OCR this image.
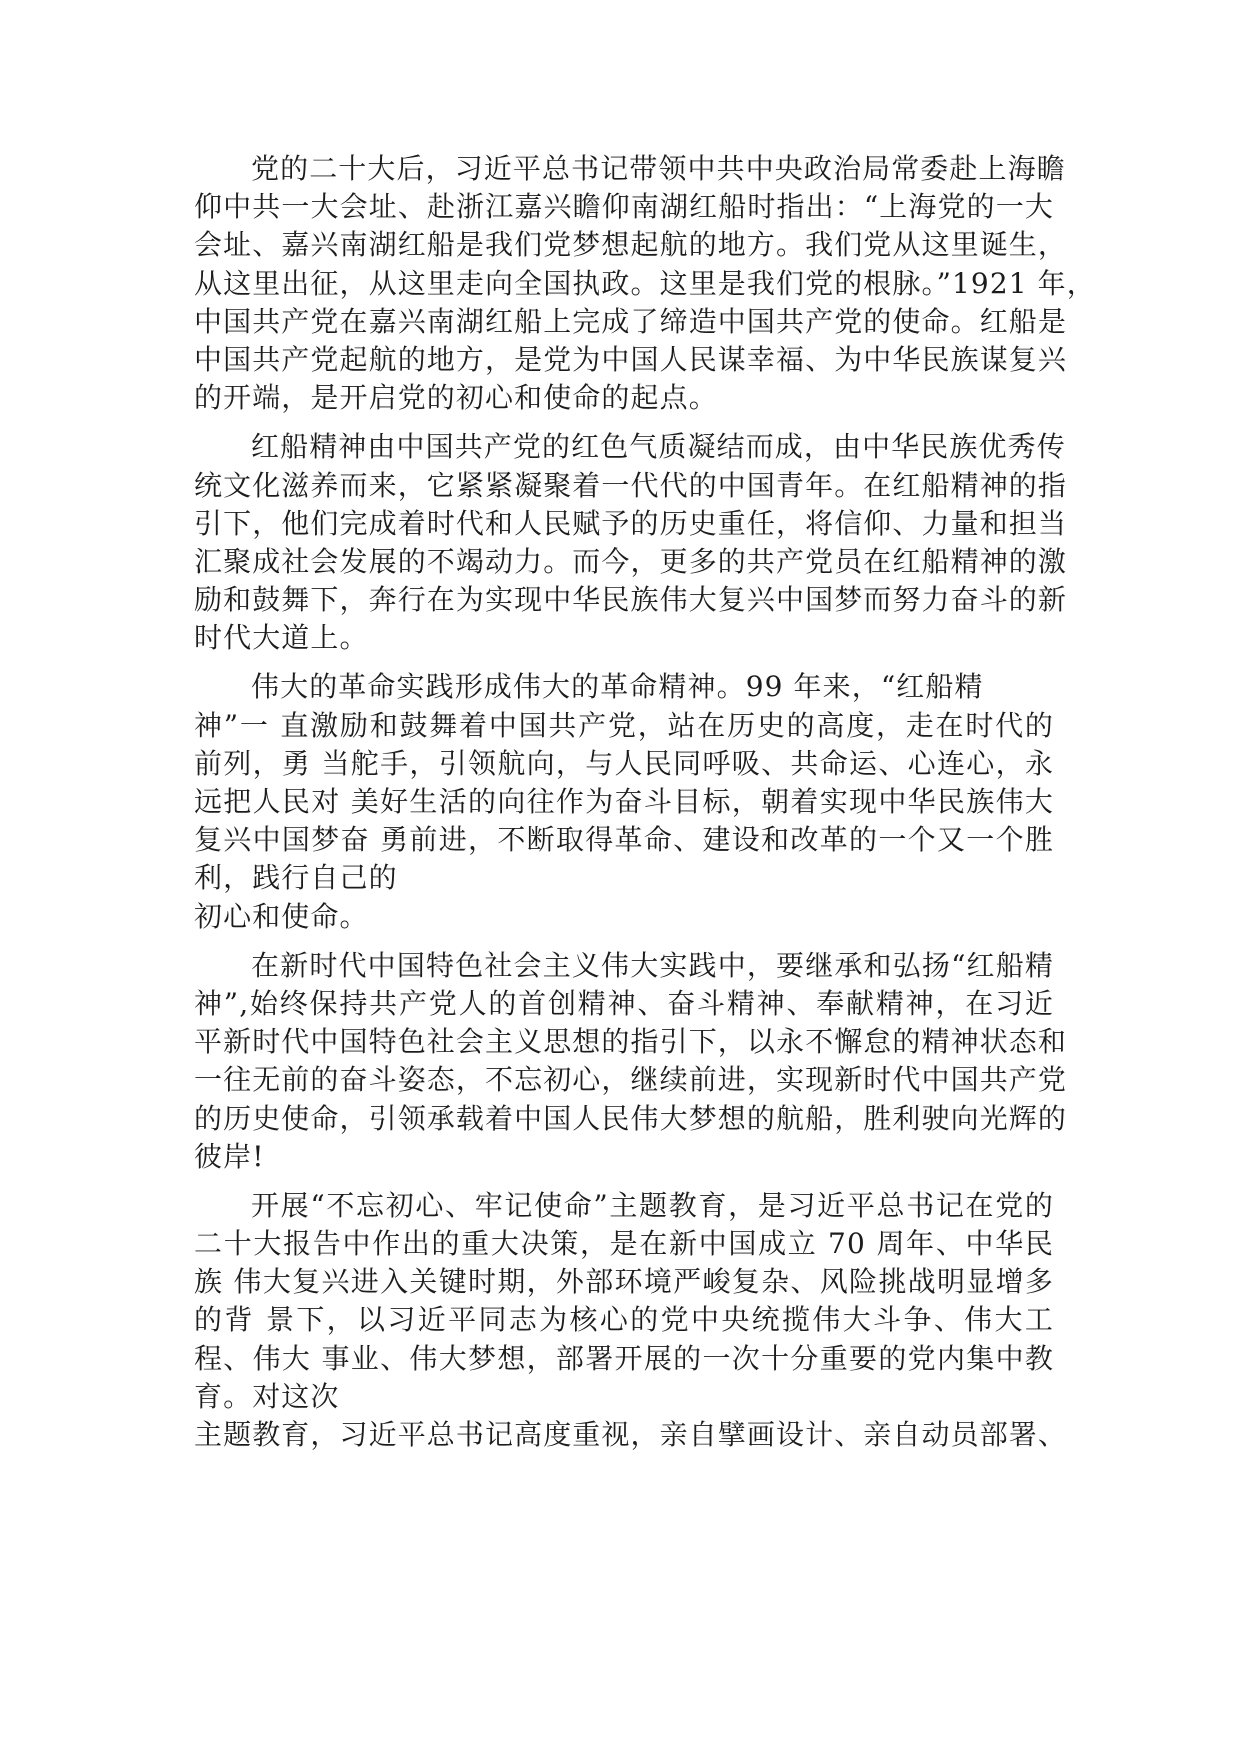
党的二十大后，习近平总书记带领中共中央政治局常委赴上海瞻
仰中共一大会址、赴浙江嘉兴瞻仰南湖红船时指出：“上海党的一大
会址、嘉兴南湖红船是我们党梦想起航的地方。我们党从这里诞生，
从这里出征，从这里走向全国执政。这里是我们党的根脉。”1921 年，
中国共产党在嘉兴南湖红船上完成了缔造中国共产党的使命。红船是
中国共产党起航的地方，是党为中国人民谋幸福、为中华民族谋复兴
的开端，是开启党的初心和使命的起点。
红船精神由中国共产党的红色气质凝结而成，由中华民族优秀传
统文化滋养而来，它紧紧凝聚着一代代的中国青年。在红船精神的指
引下，他们完成着时代和人民赋予的历史重任，将信仰、力量和担当
汇聚成社会发展的不竭动力。而今，更多的共产党员在红船精神的激
励和鼓舞下，奔行在为实现中华民族伟大复兴中国梦而努力奋斗的新
时代大道上。
伟大的革命实践形成伟大的革命精神。99 年来，“红船精
神”一 直激励和鼓舞着中国共产党，站在历史的高度，走在时代的
前列，勇 当舵手，引领航向，与人民同呼吸、共命运、心连心，永
远把人民对 美好生活的向往作为奋斗目标，朝着实现中华民族伟大
复兴中国梦奋 勇前进，不断取得革命、建设和改革的一个又一个胜
利，践行自己的
初心和使命。
在新时代中国特色社会主义伟大实践中，要继承和弘扬“红船精
神”,始终保持共产党人的首创精神、奋斗精神、奉献精神，在习近
平新时代中国特色社会主义思想的指引下，以永不懈怠的精神状态和
一往无前的奋斗姿态，不忘初心，继续前进，实现新时代中国共产党
的历史使命，引领承载着中国人民伟大梦想的航船，胜利驶向光辉的
彼岸!
开展“不忘初心、牢记使命”主题教育，是习近平总书记在党的
二十大报告中作出的重大决策，是在新中国成立 70 周年、中华民
族 伟大复兴进入关键时期，外部环境严峻复杂、风险挑战明显增多
的背 景下，以习近平同志为核心的党中央统揽伟大斗争、伟大工
程、伟大 事业、伟大梦想，部署开展的一次十分重要的党内集中教
育。对这次
主题教育，习近平总书记高度重视，亲自擘画设计、亲自动员部署、
